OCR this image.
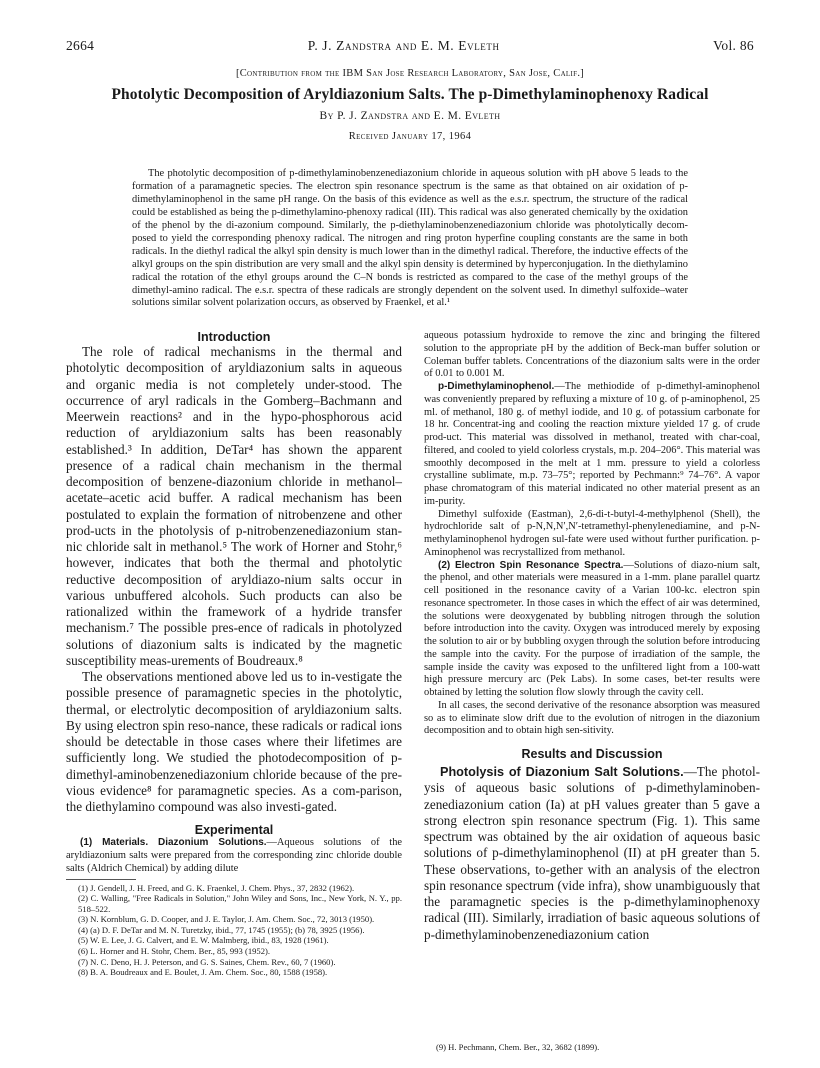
2664	P. J. Zandstra and E. M. Evleth	Vol. 86
[Contribution from the IBM San Jose Research Laboratory, San Jose, Calif.]
Photolytic Decomposition of Aryldiazonium Salts. The p-Dimethylaminophenoxy Radical
By P. J. Zandstra and E. M. Evleth
Received January 17, 1964

The photolytic decomposition of p-dimethylaminobenzenediazonium chloride in aqueous solution with pH above 5 leads to the formation of a paramagnetic species. The electron spin resonance spectrum is the same as that obtained on air oxidation of p-dimethylaminophenol in the same pH range. On the basis of this evidence as well as the e.s.r. spectrum, the structure of the radical could be established as being the p-dimethylamino-phenoxy radical (III). This radical was also generated chemically by the oxidation of the phenol by the di-azonium compound. Similarly, the p-diethylaminobenzenediazonium chloride was photolytically decom-posed to yield the corresponding phenoxy radical. The nitrogen and ring proton hyperfine coupling constants are the same in both radicals. In the diethyl radical the alkyl spin density is much lower than in the dimethyl radical. Therefore, the inductive effects of the alkyl groups on the spin distribution are very small and the alkyl spin density is determined by hyperconjugation. In the diethylamino radical the rotation of the ethyl groups around the C–N bonds is restricted as compared to the case of the methyl groups of the dimethyl-amino radical. The e.s.r. spectra of these radicals are strongly dependent on the solvent used. In dimethyl sulfoxide–water solutions similar solvent polarization occurs, as observed by Fraenkel, et al.¹

Introduction

The role of radical mechanisms in the thermal and photolytic decomposition of aryldiazonium salts in aqueous and organic media is not completely under-stood. The occurrence of aryl radicals in the Gomberg–Bachmann and Meerwein reactions² and in the hypo-phosphorous acid reduction of aryldiazonium salts has been reasonably established.³ In addition, DeTar⁴ has shown the apparent presence of a radical chain mechanism in the thermal decomposition of benzene-diazonium chloride in methanol–acetate–acetic acid buffer. A radical mechanism has been postulated to explain the formation of nitrobenzene and other prod-ucts in the photolysis of p-nitrobenzenediazonium stan-nic chloride salt in methanol.⁵ The work of Horner and Stohr,⁶ however, indicates that both the thermal and photolytic reductive decomposition of aryldiazo-nium salts occur in various unbuffered alcohols. Such products can also be rationalized within the framework of a hydride transfer mechanism.⁷ The possible pres-ence of radicals in photolyzed solutions of diazonium salts is indicated by the magnetic susceptibility meas-urements of Boudreaux.⁸

The observations mentioned above led us to in-vestigate the possible presence of paramagnetic species in the photolytic, thermal, or electrolytic decomposition of aryldiazonium salts. By using electron spin reso-nance, these radicals or radical ions should be detectable in those cases where their lifetimes are sufficiently long. We studied the photodecomposition of p-dimethyl-aminobenzenediazonium chloride because of the pre-vious evidence⁸ for paramagnetic species. As a com-parison, the diethylamino compound was also investi-gated.

Experimental

(1) Materials. Diazonium Solutions.—Aqueous solutions of the aryldiazonium salts were prepared from the corresponding zinc chloride double salts (Aldrich Chemical) by adding dilute

(1) J. Gendell, J. H. Freed, and G. K. Fraenkel, J. Chem. Phys., 37, 2832 (1962).
(2) C. Walling, "Free Radicals in Solution," John Wiley and Sons, Inc., New York, N. Y., pp. 518–522.
(3) N. Kornblum, G. D. Cooper, and J. E. Taylor, J. Am. Chem. Soc., 72, 3013 (1950).
(4) (a) D. F. DeTar and M. N. Turetzky, ibid., 77, 1745 (1955); (b) 78, 3925 (1956).
(5) W. E. Lee, J. G. Calvert, and E. W. Malmberg, ibid., 83, 1928 (1961).
(6) L. Horner and H. Stohr, Chem. Ber., 85, 993 (1952).
(7) N. C. Deno, H. J. Peterson, and G. S. Saines, Chem. Rev., 60, 7 (1960).
(8) B. A. Boudreaux and E. Boulet, J. Am. Chem. Soc., 80, 1588 (1958).

aqueous potassium hydroxide to remove the zinc and bringing the filtered solution to the appropriate pH by the addition of Beck-man buffer solution or Coleman buffer tablets. Concentrations of the diazonium salts were in the order of 0.01 to 0.001 M.

p-Dimethylaminophenol.—The methiodide of p-dimethyl-aminophenol was conveniently prepared by refluxing a mixture of 10 g. of p-aminophenol, 25 ml. of methanol, 180 g. of methyl iodide, and 10 g. of potassium carbonate for 18 hr. Concentrat-ing and cooling the reaction mixture yielded 17 g. of crude prod-uct. This material was dissolved in methanol, treated with char-coal, filtered, and cooled to yield colorless crystals, m.p. 204–206°. This material was smoothly decomposed in the melt at 1 mm. pressure to yield a colorless crystalline sublimate, m.p. 73–75°; reported by Pechmann:⁹ 74–76°. A vapor phase chromatogram of this material indicated no other material present as an im-purity.

Dimethyl sulfoxide (Eastman), 2,6-di-t-butyl-4-methylphenol (Shell), the hydrochloride salt of p-N,N,N′,N′-tetramethyl-phenylenediamine, and p-N-methylaminophenol hydrogen sul-fate were used without further purification. p-Aminophenol was recrystallized from methanol.

(2) Electron Spin Resonance Spectra.—Solutions of diazo-nium salt, the phenol, and other materials were measured in a 1-mm. plane parallel quartz cell positioned in the resonance cavity of a Varian 100-kc. electron spin resonance spectrometer. In those cases in which the effect of air was determined, the solutions were deoxygenated by bubbling nitrogen through the solution before introduction into the cavity. Oxygen was introduced merely by exposing the solution to air or by bubbling oxygen through the solution before introducing the sample into the cavity. For the purpose of irradiation of the sample, the sample inside the cavity was exposed to the unfiltered light from a 100-watt high pressure mercury arc (Pek Labs). In some cases, bet-ter results were obtained by letting the solution flow slowly through the cavity cell.

In all cases, the second derivative of the resonance absorption was measured so as to eliminate slow drift due to the evolution of nitrogen in the diazonium decomposition and to obtain high sen-sitivity.

Results and Discussion

Photolysis of Diazonium Salt Solutions.—The photol-ysis of aqueous basic solutions of p-dimethylaminoben-zenediazonium cation (Ia) at pH values greater than 5 gave a strong electron spin resonance spectrum (Fig. 1). This same spectrum was obtained by the air oxidation of aqueous basic solutions of p-dimethylaminophenol (II) at pH greater than 5. These observations, to-gether with an analysis of the electron spin resonance spectrum (vide infra), show unambiguously that the paramagnetic species is the p-dimethylaminophenoxy radical (III). Similarly, irradiation of basic aqueous solutions of p-dimethylaminobenzenediazonium cation

(9) H. Pechmann, Chem. Ber., 32, 3682 (1899).
